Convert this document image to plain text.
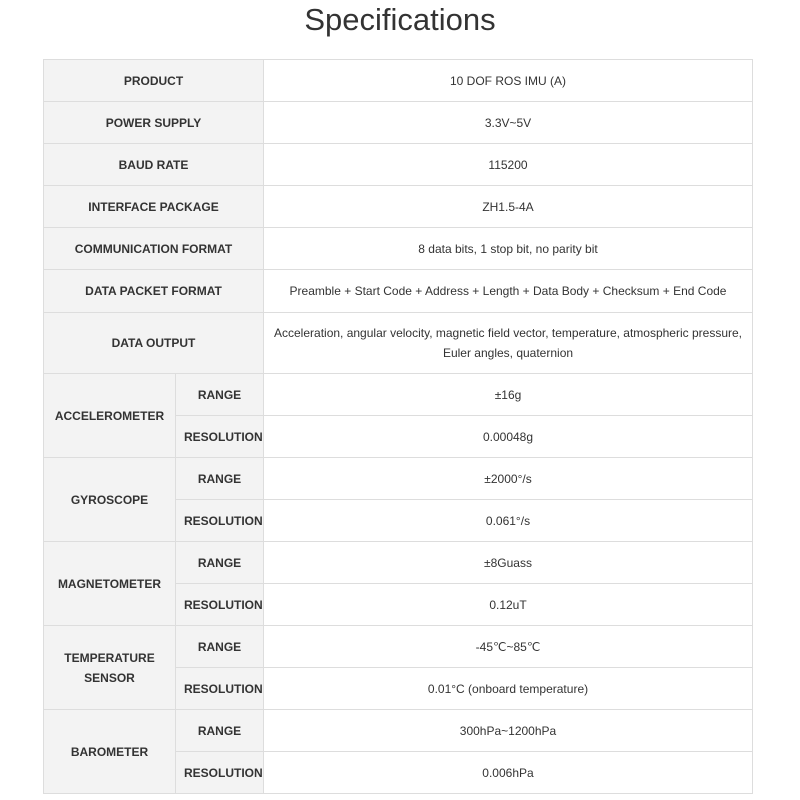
Specifications
PRODUCT		10 DOF ROS IMU (A)
POWER SUPPLY		3.3V~5V
BAUD RATE		115200
INTERFACE PACKAGE		ZH1.5-4A
COMMUNICATION FORMAT		8 data bits, 1 stop bit, no parity bit
DATA PACKET FORMAT		Preamble + Start Code + Address + Length + Data Body + Checksum + End Code
DATA OUTPUT		Acceleration, angular velocity, magnetic field vector, temperature, atmospheric pressure, Euler angles, quaternion
ACCELEROMETER	RANGE	±16g
	RESOLUTION	0.00048g
GYROSCOPE	RANGE	±2000°/s
	RESOLUTION	0.061°/s
MAGNETOMETER	RANGE	±8Guass
	RESOLUTION	0.12uT
TEMPERATURE SENSOR	RANGE	-45℃~85℃
	RESOLUTION	0.01°C (onboard temperature)
BAROMETER	RANGE	300hPa~1200hPa
	RESOLUTION	0.006hPa
